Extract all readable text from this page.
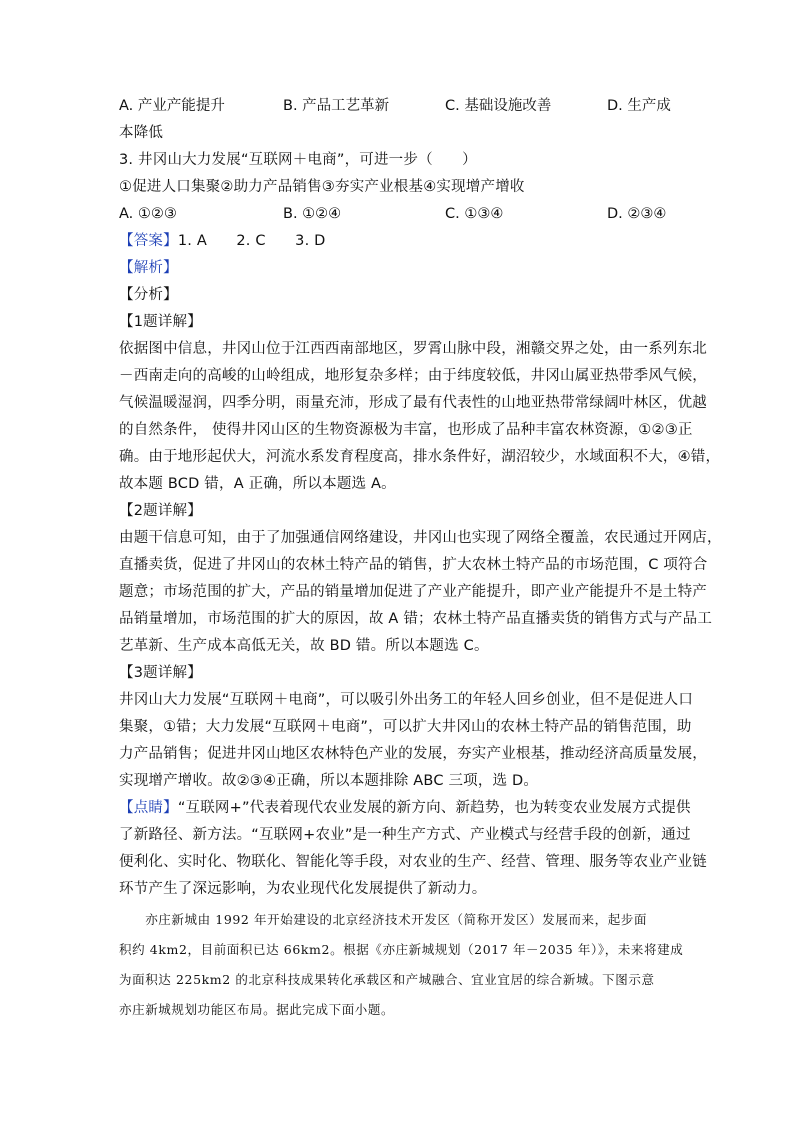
A. 产业产能提升	B. 产品工艺革新	C. 基础设施改善	D. 生产成
本降低
3. 井冈山大力发展“互联网＋电商”，可进一步（　　）
①促进人口集聚②助力产品销售③夯实产业根基④实现增产增收
A. ①②③	B. ①②④	C. ①③④	D. ②③④
【答案】1. A　　2. C　　3. D
【解析】
【分析】
【1题详解】
依据图中信息，井冈山位于江西西南部地区，罗霄山脉中段，湘赣交界之处，由一系列东北
－西南走向的高峻的山岭组成，地形复杂多样；由于纬度较低，井冈山属亚热带季风气候，
气候温暖湿润，四季分明，雨量充沛，形成了最有代表性的山地亚热带常绿阔叶林区，优越
的自然条件， 使得井冈山区的生物资源极为丰富，也形成了品种丰富农林资源，①②③正
确。由于地形起伏大，河流水系发育程度高，排水条件好，湖沼较少，水域面积不大，④错，
故本题 BCD 错，A 正确，所以本题选 A。
【2题详解】
由题干信息可知，由于了加强通信网络建设，井冈山也实现了网络全覆盖，农民通过开网店，
直播卖货，促进了井冈山的农林土特产品的销售，扩大农林土特产品的市场范围，C 项符合
题意；市场范围的扩大，产品的销量增加促进了产业产能提升，即产业产能提升不是土特产
品销量增加，市场范围的扩大的原因，故 A 错；农林土特产品直播卖货的销售方式与产品工
艺革新、生产成本高低无关，故 BD 错。所以本题选 C。
【3题详解】
井冈山大力发展“互联网＋电商”，可以吸引外出务工的年轻人回乡创业，但不是促进人口
集聚，①错；大力发展“互联网＋电商”，可以扩大井冈山的农林土特产品的销售范围，助
力产品销售；促进井冈山地区农林特色产业的发展，夯实产业根基，推动经济高质量发展，
实现增产增收。故②③④正确，所以本题排除 ABC 三项，选 D。
【点睛】“互联网+”代表着现代农业发展的新方向、新趋势，也为转变农业发展方式提供
了新路径、新方法。“互联网+农业”是一种生产方式、产业模式与经营手段的创新，通过
便利化、实时化、物联化、智能化等手段，对农业的生产、经营、管理、服务等农业产业链
环节产生了深远影响，为农业现代化发展提供了新动力。
　　亦庄新城由 1992 年开始建设的北京经济技术开发区（简称开发区）发展而来，起步面
积约 4km2，目前面积已达 66km2。根据《亦庄新城规划（2017 年－2035 年）》，未来将建成
为面积达 225km2 的北京科技成果转化承载区和产城融合、宜业宜居的综合新城。下图示意
亦庄新城规划功能区布局。据此完成下面小题。
